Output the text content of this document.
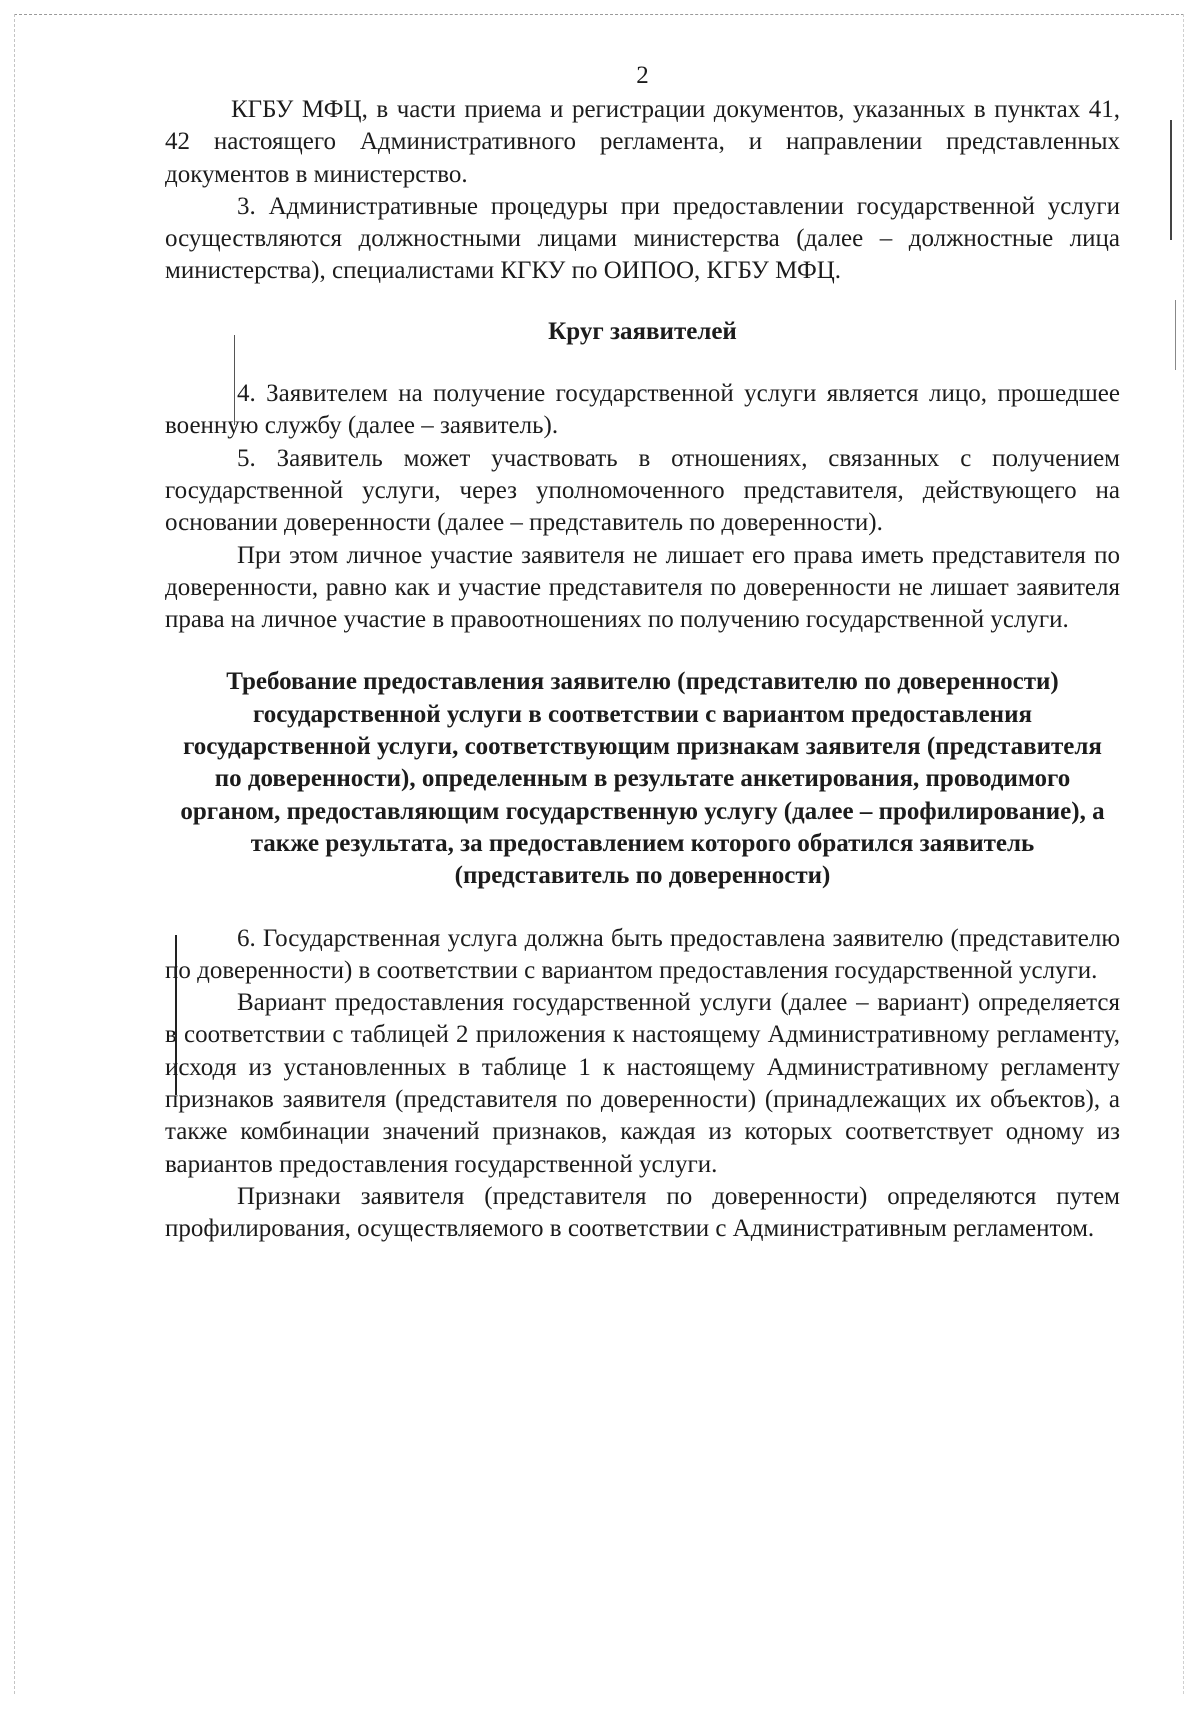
2

КГБУ МФЦ, в части приема и регистрации документов, указанных в пунктах 41, 42 настоящего Административного регламента, и направлении представленных документов в министерство.

3. Административные процедуры при предоставлении государственной услуги осуществляются должностными лицами министерства (далее – должностные лица министерства), специалистами КГКУ по ОИПОО, КГБУ МФЦ.

Круг заявителей

4. Заявителем на получение государственной услуги является лицо, прошедшее военную службу (далее – заявитель).

5. Заявитель может участвовать в отношениях, связанных с получением государственной услуги, через уполномоченного представителя, действующего на основании доверенности (далее – представитель по доверенности).

При этом личное участие заявителя не лишает его права иметь представителя по доверенности, равно как и участие представителя по доверенности не лишает заявителя права на личное участие в правоотношениях по получению государственной услуги.

Требование предоставления заявителю (представителю по доверенности) государственной услуги в соответствии с вариантом предоставления государственной услуги, соответствующим признакам заявителя (представителя по доверенности), определенным в результате анкетирования, проводимого органом, предоставляющим государственную услугу (далее – профилирование), а также результата, за предоставлением которого обратился заявитель (представитель по доверенности)

6. Государственная услуга должна быть предоставлена заявителю (представителю по доверенности) в соответствии с вариантом предоставления государственной услуги.

Вариант предоставления государственной услуги (далее – вариант) определяется в соответствии с таблицей 2 приложения к настоящему Административному регламенту, исходя из установленных в таблице 1 к настоящему Административному регламенту признаков заявителя (представителя по доверенности) (принадлежащих их объектов), а также комбинации значений признаков, каждая из которых соответствует одному из вариантов предоставления государственной услуги.

Признаки заявителя (представителя по доверенности) определяются путем профилирования, осуществляемого в соответствии с Административным регламентом.
